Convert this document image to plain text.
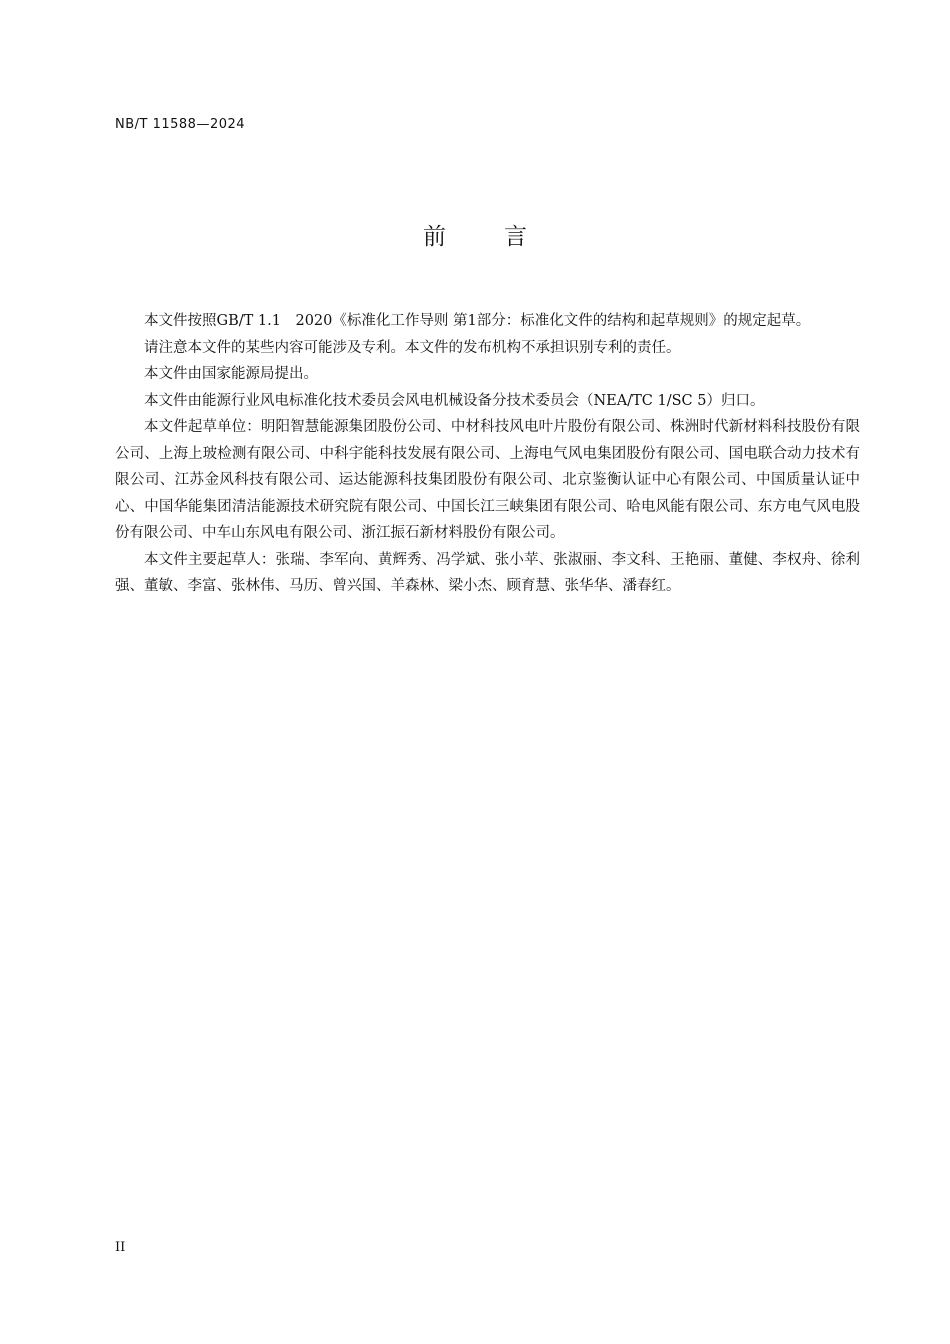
NB/T 11588—2024
前言

本文件按照GB/T 1.1　2020《标准化工作导则 第1部分：标准化文件的结构和起草规则》的规定起草。

请注意本文件的某些内容可能涉及专利。本文件的发布机构不承担识别专利的责任。

本文件由国家能源局提出。

本文件由能源行业风电标准化技术委员会风电机械设备分技术委员会（NEA/TC 1/SC 5）归口。

本文件起草单位：明阳智慧能源集团股份公司、中材科技风电叶片股份有限公司、株洲时代新材料科技股份有限公司、上海上玻检测有限公司、中科宇能科技发展有限公司、上海电气风电集团股份有限公司、国电联合动力技术有限公司、江苏金风科技有限公司、运达能源科技集团股份有限公司、北京鉴衡认证中心有限公司、中国质量认证中心、中国华能集团清洁能源技术研究院有限公司、中国长江三峡集团有限公司、哈电风能有限公司、东方电气风电股份有限公司、中车山东风电有限公司、浙江振石新材料股份有限公司。

本文件主要起草人：张瑞、李军向、黄辉秀、冯学斌、张小苹、张淑丽、李文科、王艳丽、董健、李权舟、徐利强、董敏、李富、张林伟、马历、曾兴国、羊森林、梁小杰、顾育慧、张华华、潘春红。

II
